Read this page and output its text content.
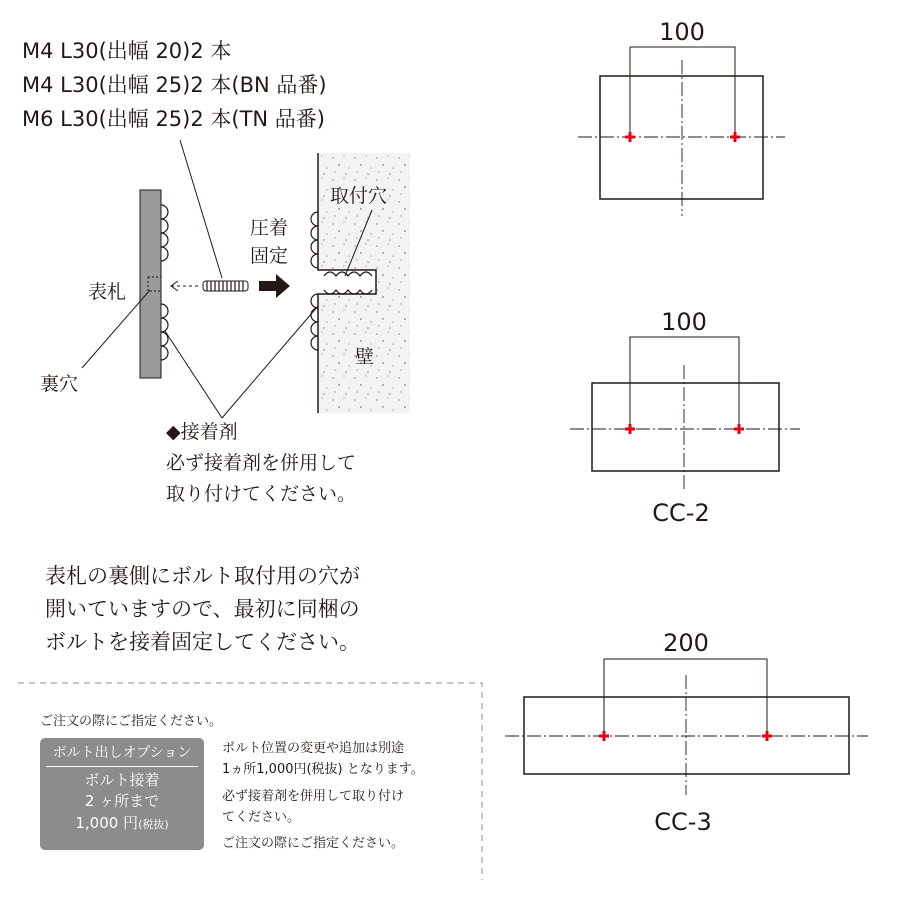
M4 L30(出幅 20)2 本
M4 L30(出幅 25)2 本(BN 品番)
M6 L30(出幅 25)2 本(TN 品番)
表札
裏穴
圧着
固定
取付穴
壁
◆接着剤
必ず接着剤を併用して
取り付けてください。
表札の裏側にボルト取付用の穴が
開いていますので、最初に同梱の
ボルトを接着固定してください。
ご注文の際にご指定ください。
ボルト出しオプション
ボルト接着
2 ヶ所まで
1,000 円(税抜)
ボルト位置の変更や追加は別途
1ヵ所1,000円(税抜) となります。
必ず接着剤を併用して取り付け
てください。
ご注文の際にご指定ください。
100
100
CC-2
200
CC-3
